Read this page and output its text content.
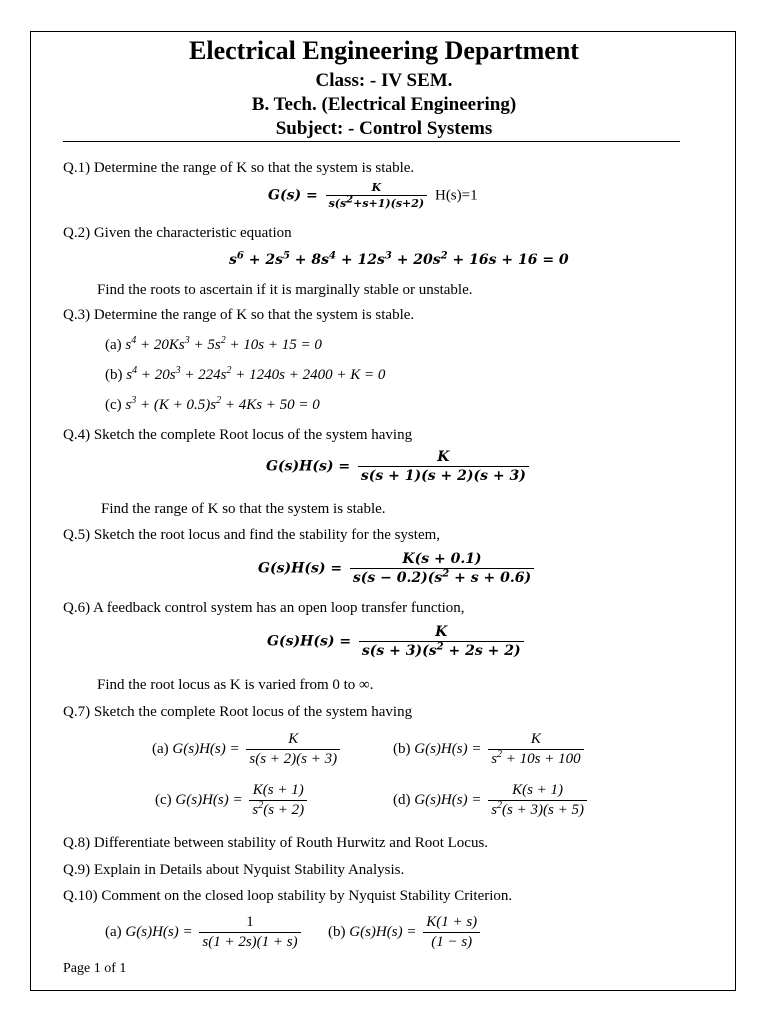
Electrical Engineering Department
Class: - IV SEM.
B. Tech. (Electrical Engineering)
Subject: - Control Systems
Q.1) Determine the range of K so that the system is stable.
$G(s) = \frac{K}{s(s^2+s+1)(s+2)} H(s)=1$
Q.2) Given the characteristic equation
$s^6 + 2s^5 + 8s^4 + 12s^3 + 20s^2 + 16s + 16 = 0$
Find the roots to ascertain if it is marginally stable or unstable.
Q.3) Determine the range of K so that the system is stable.
(a) $s^4 + 20Ks^3 + 5s^2 + 10s + 15 = 0$
(b) $s^4 + 20s^3 + 224s^2 + 1240s + 2400 + K = 0$
(c) $s^3 + (K + 0.5)s^2 + 4Ks + 50 = 0$
Q.4) Sketch the complete Root locus of the system having
$G(s)H(s) = \frac{K}{s(s + 1)(s + 2)(s + 3)}$
Find the range of K so that the system is stable.
Q.5) Sketch the root locus and find the stability for the system,
$G(s)H(s) = \frac{K(s + 0.1)}{s(s - 0.2)(s^2 + s + 0.6)}$
Q.6) A feedback control system has an open loop transfer function,
$G(s)H(s) = \frac{K}{s(s + 3)(s^2 + 2s + 2)}$
Find the root locus as K is varied from 0 to ∞.
Q.7) Sketch the complete Root locus of the system having
(a) $G(s)H(s) = \frac{K}{s(s + 2)(s + 3)}$	(b) $G(s)H(s) = \frac{K}{s^2 + 10s + 100}$
(c) $G(s)H(s) = \frac{K(s + 1)}{s^2(s + 2)}$	(d) $G(s)H(s) = \frac{K(s + 1)}{s^2(s + 3)(s + 5)}$
Q.8) Differentiate between stability of Routh Hurwitz and Root Locus.
Q.9) Explain in Details about Nyquist Stability Analysis.
Q.10) Comment on the closed loop stability by Nyquist Stability Criterion.
(a) $G(s)H(s) = \frac{1}{s(1 + 2s)(1 + s)} (b) G(s)H(s) = \frac{K(1 + s)}{(1 - s)}$
Page 1 of 1
